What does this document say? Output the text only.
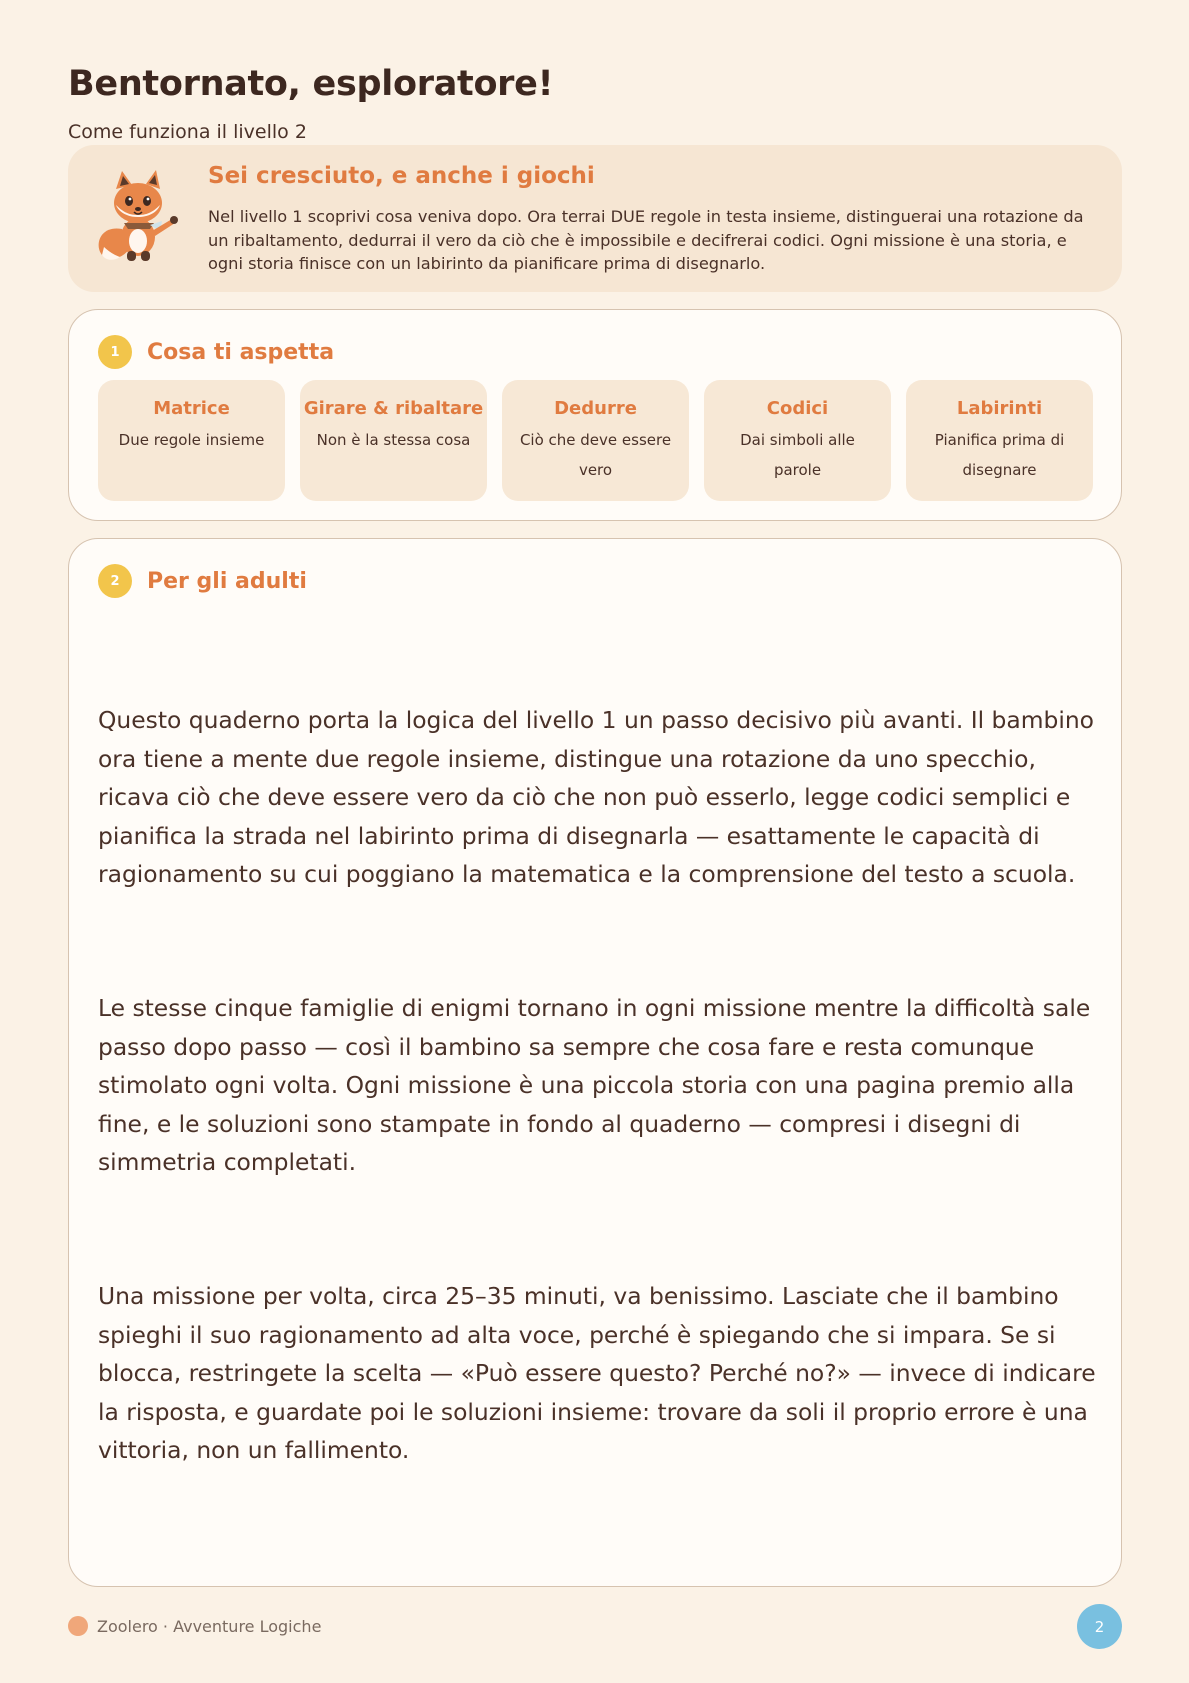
Bentornato, esploratore!
Come funziona il livello 2
Sei cresciuto, e anche i giochi
Nel livello 1 scoprivi cosa veniva dopo. Ora terrai DUE regole in testa insieme, distinguerai una rotazione da un ribaltamento, dedurrai il vero da ciò che è impossibile e decifrerai codici. Ogni missione è una storia, e ogni storia finisce con un labirinto da pianificare prima di disegnarlo.
1	Cosa ti aspetta
Matrice
Due regole insieme
Girare & ribaltare
Non è la stessa cosa
Dedurre
Ciò che deve essere vero
Codici
Dai simboli alle parole
Labirinti
Pianifica prima di disegnare
2	Per gli adulti

Questo quaderno porta la logica del livello 1 un passo decisivo più avanti. Il bambino ora tiene a mente due regole insieme, distingue una rotazione da uno specchio, ricava ciò che deve essere vero da ciò che non può esserlo, legge codici semplici e pianifica la strada nel labirinto prima di disegnarla — esattamente le capacità di ragionamento su cui poggiano la matematica e la comprensione del testo a scuola.

Le stesse cinque famiglie di enigmi tornano in ogni missione mentre la difficoltà sale passo dopo passo — così il bambino sa sempre che cosa fare e resta comunque stimolato ogni volta. Ogni missione è una piccola storia con una pagina premio alla fine, e le soluzioni sono stampate in fondo al quaderno — compresi i disegni di simmetria completati.

Una missione per volta, circa 25–35 minuti, va benissimo. Lasciate che il bambino spieghi il suo ragionamento ad alta voce, perché è spiegando che si impara. Se si blocca, restringete la scelta — «Può essere questo? Perché no?» — invece di indicare la risposta, e guardate poi le soluzioni insieme: trovare da soli il proprio errore è una vittoria, non un fallimento.

Zoolero · Avventure Logiche	2
